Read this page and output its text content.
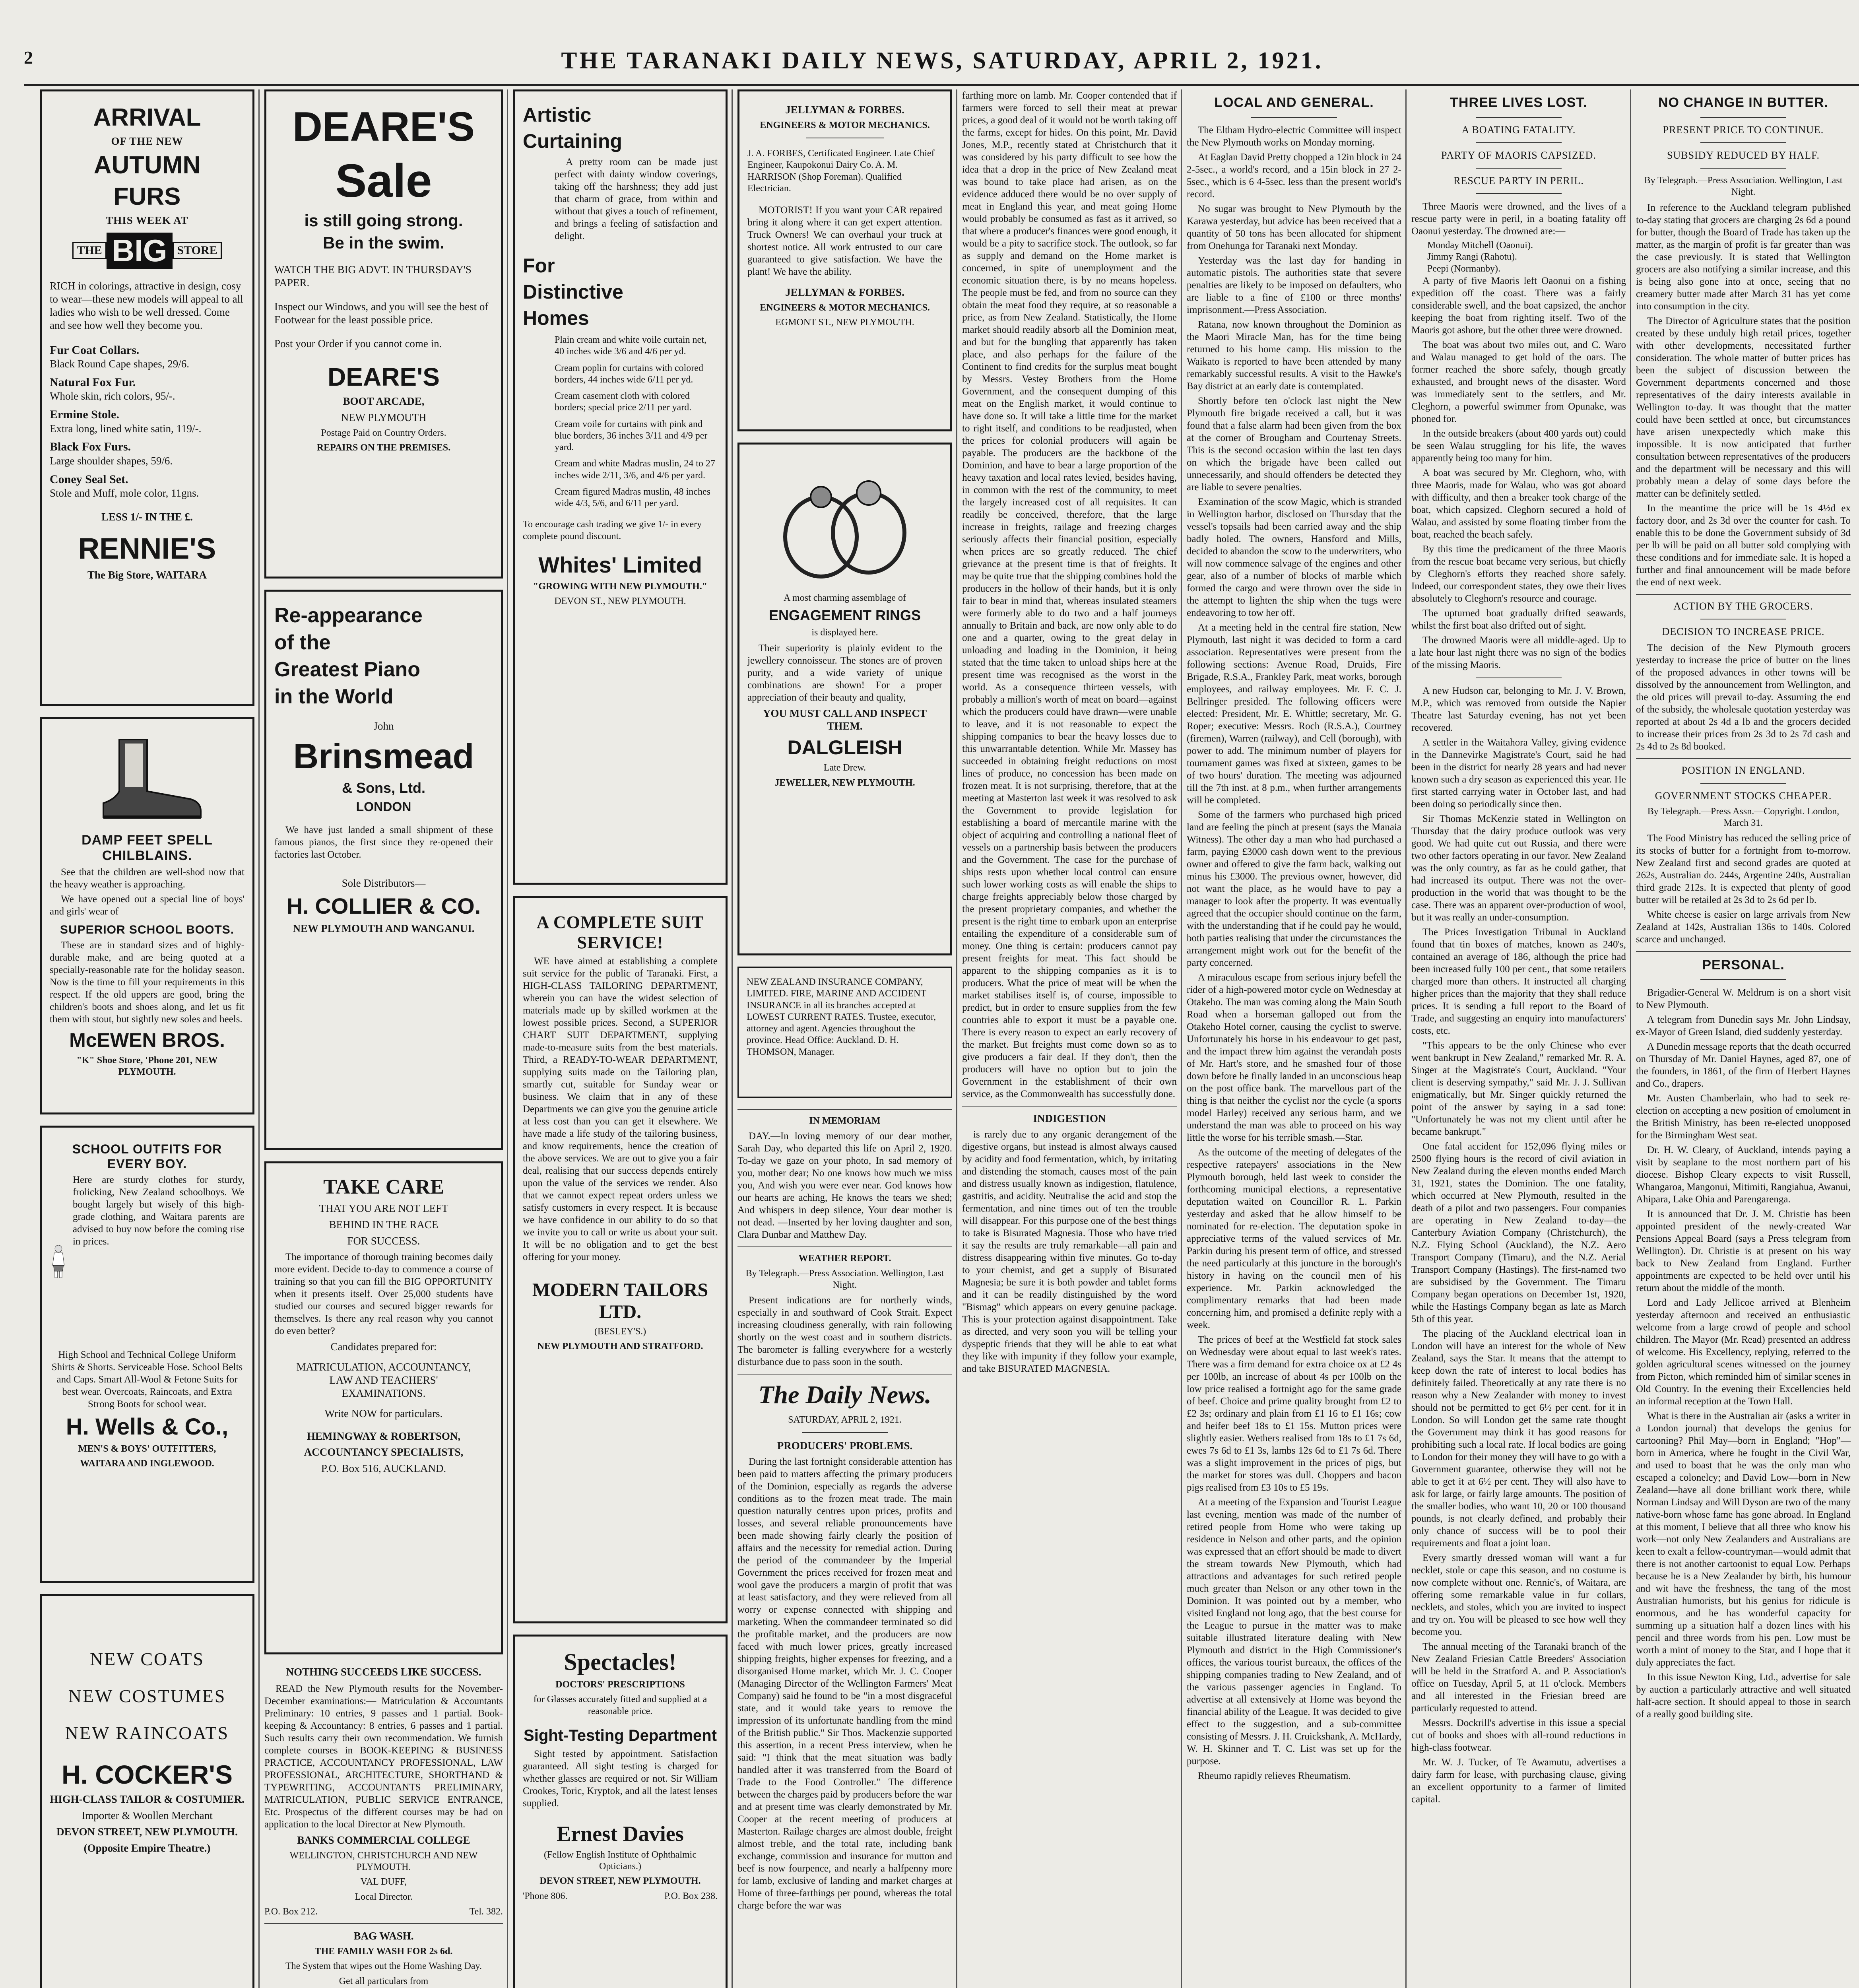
2	THE TARANAKI DAILY NEWS, SATURDAY, APRIL 2, 1921.
ARRIVAL
OF THE NEW
AUTUMN
FURS
THIS WEEK AT
THE BIG STORE

RICH in colorings, attractive in design, cosy to wear—these new models will appeal to all ladies who wish to be well dressed. Come and see how well they become you.

Fur Coat Collars.
Black Round Cape shapes, 29/6.
Natural Fox Fur.
Whole skin, rich colors, 95/-.
Ermine Stole.
Extra long, lined white satin, 119/-.
Black Fox Furs.
Large shoulder shapes, 59/6.
Coney Seal Set.
Stole and Muff, mole color, 11gns.
LESS 1/- IN THE £.
RENNIE'S
The Big Store, WAITARA
DAMP FEET SPELL CHILBLAINS.

See that the children are well-shod now that the heavy weather is approaching.

We have opened out a special line of boys' and girls' wear of

SUPERIOR SCHOOL BOOTS.

These are in standard sizes and of highly-durable make, and are being quoted at a specially-reasonable rate for the holiday season. Now is the time to fill your requirements in this respect. If the old uppers are good, bring the children's boots and shoes along, and let us fit them with stout, but sightly new soles and heels.

McEWEN BROS.
"K" Shoe Store, 'Phone 201, NEW PLYMOUTH.
SCHOOL OUTFITS FOR EVERY BOY.

Here are sturdy clothes for sturdy, frolicking, New Zealand schoolboys. We bought largely but wisely of this high-grade clothing, and Waitara parents are advised to buy now before the coming rise in prices.

High School and Technical College Uniform Shirts & Shorts. Serviceable Hose. School Belts and Caps. Smart All-Wool & Fetone Suits for best wear. Overcoats, Raincoats, and Extra Strong Boots for school wear.

H. Wells & Co.,
MEN'S & BOYS' OUTFITTERS,
WAITARA AND INGLEWOOD.
NEW COATS
NEW COSTUMES
NEW RAINCOATS
H. COCKER'S
HIGH-CLASS TAILOR & COSTUMIER.
Importer & Woollen Merchant
DEVON STREET, NEW PLYMOUTH.
(Opposite Empire Theatre.)
DEARE'S
Sale
is still going strong.
Be in the swim.

WATCH THE BIG ADVT. IN THURSDAY'S PAPER.

Inspect our Windows, and you will see the best of Footwear for the least possible price.

Post your Order if you cannot come in.

DEARE'S
BOOT ARCADE,
NEW PLYMOUTH
Postage Paid on Country Orders.
REPAIRS ON THE PREMISES.
Re-appearance
of the
Greatest Piano
in the World
John
Brinsmead
& Sons, Ltd.
LONDON

We have just landed a small shipment of these famous pianos, the first since they re-opened their factories last October.

Sole Distributors—
H. COLLIER & CO.
NEW PLYMOUTH AND WANGANUI.
TAKE CARE
THAT YOU ARE NOT LEFT
BEHIND IN THE RACE
FOR SUCCESS.

The importance of thorough training becomes daily more evident. Decide to-day to commence a course of training so that you can fill the BIG OPPORTUNITY when it presents itself. Over 25,000 students have studied our courses and secured bigger rewards for themselves. Is there any real reason why you cannot do even better?

Candidates prepared for:
MATRICULATION, ACCOUNTANCY, LAW AND TEACHERS' EXAMINATIONS.
Write NOW for particulars.
HEMINGWAY & ROBERTSON,
ACCOUNTANCY SPECIALISTS,
P.O. Box 516, AUCKLAND.
NOTHING SUCCEEDS LIKE SUCCESS.

READ the New Plymouth results for the November-December examinations:— Matriculation & Accountants Preliminary: 10 entries, 9 passes and 1 partial. Book-keeping & Accountancy: 8 entries, 6 passes and 1 partial. Such results carry their own recommendation. We furnish complete courses in BOOK-KEEPING & BUSINESS PRACTICE, ACCOUNTANCY PROFESSIONAL, LAW PROFESSIONAL, ARCHITECTURE, SHORTHAND & TYPEWRITING, ACCOUNTANTS PRELIMINARY, MATRICULATION, PUBLIC SERVICE ENTRANCE, Etc. Prospectus of the different courses may be had on application to the local Director at New Plymouth.

BANKS COMMERCIAL COLLEGE
WELLINGTON, CHRISTCHURCH AND NEW PLYMOUTH.
VAL DUFF,
Local Director.
P.O. Box 212.	Tel. 382.
BAG WASH.
THE FAMILY WASH FOR 2s 6d.
The System that wipes out the Home Washing Day.
Get all particulars from
Artistic
Curtaining

A pretty room can be made just perfect with dainty window coverings, taking off the harshness; they add just that charm of grace, from within and without that gives a touch of refinement, and brings a feeling of satisfaction and delight.

For
Distinctive
Homes

Plain cream and white voile curtain net, 40 inches wide 3/6 and 4/6 per yd.

Cream poplin for curtains with colored borders, 44 inches wide 6/11 per yd.

Cream casement cloth with colored borders; special price 2/11 per yard.

Cream voile for curtains with pink and blue borders, 36 inches 3/11 and 4/9 per yard.

Cream and white Madras muslin, 24 to 27 inches wide 2/11, 3/6, and 4/6 per yard.

Cream figured Madras muslin, 48 inches wide 4/3, 5/6, and 6/11 per yard.

To encourage cash trading we give 1/- in every complete pound discount.

Whites' Limited
"GROWING WITH NEW PLYMOUTH."
DEVON ST., NEW PLYMOUTH.
A COMPLETE SUIT SERVICE!

WE have aimed at establishing a complete suit service for the public of Taranaki. First, a HIGH-CLASS TAILORING DEPARTMENT, wherein you can have the widest selection of materials made up by skilled workmen at the lowest possible prices. Second, a SUPERIOR CHART SUIT DEPARTMENT, supplying made-to-measure suits from the best materials. Third, a READY-TO-WEAR DEPARTMENT, supplying suits made on the Tailoring plan, smartly cut, suitable for Sunday wear or business. We claim that in any of these Departments we can give you the genuine article at less cost than you can get it elsewhere. We have made a life study of the tailoring business, and know requirements, hence the creation of the above services. We are out to give you a fair deal, realising that our success depends entirely upon the value of the services we render. Also that we cannot expect repeat orders unless we satisfy customers in every respect. It is because we have confidence in our ability to do so that we invite you to call or write us about your suit. It will be no obligation and to get the best offering for your money.

MODERN TAILORS LTD.
(BESLEY'S.)
NEW PLYMOUTH AND STRATFORD.
Spectacles!
DOCTORS' PRESCRIPTIONS
for Glasses accurately fitted and supplied at a reasonable price.
Sight-Testing Department

Sight tested by appointment. Satisfaction guaranteed. All sight testing is charged for whether glasses are required or not. Sir William Crookes, Toric, Kryptok, and all the latest lenses supplied.

Ernest Davies
(Fellow English Institute of Ophthalmic Opticians.)
DEVON STREET, NEW PLYMOUTH.
'Phone 806.	P.O. Box 238.

JELLYMAN & FORBES.
ENGINEERS & MOTOR MECHANICS.

J. A. FORBES, Certificated Engineer. Late Chief Engineer, Kaupokonui Dairy Co. A. M. HARRISON (Shop Foreman). Qualified Electrician.

MOTORIST! If you want your CAR repaired bring it along where it can get expert attention. Truck Owners! We can overhaul your truck at shortest notice. All work entrusted to our care guaranteed to give satisfaction. We have the plant! We have the ability.

JELLYMAN & FORBES.
ENGINEERS & MOTOR MECHANICS.
EGMONT ST., NEW PLYMOUTH.
A most charming assemblage of
ENGAGEMENT RINGS
is displayed here.

Their superiority is plainly evident to the jewellery connoisseur. The stones are of proven purity, and a wide variety of unique combinations are shown! For a proper appreciation of their beauty and quality,

YOU MUST CALL AND INSPECT THEM.
DALGLEISH
Late Drew.
JEWELLER, NEW PLYMOUTH.

NEW ZEALAND INSURANCE COMPANY, LIMITED. FIRE, MARINE AND ACCIDENT INSURANCE in all its branches accepted at LOWEST CURRENT RATES. Trustee, executor, attorney and agent. Agencies throughout the province. Head Office: Auckland. D. H. THOMSON, Manager.

IN MEMORIAM

DAY.—In loving memory of our dear mother, Sarah Day, who departed this life on April 2, 1920. To-day we gaze on your photo, In sad memory of you, mother dear; No one knows how much we miss you, And wish you were ever near. God knows how our hearts are aching, He knows the tears we shed; And whispers in deep silence, Your dear mother is not dead. —Inserted by her loving daughter and son, Clara Dunbar and Matthew Day.

WEATHER REPORT.
By Telegraph.—Press Association. Wellington, Last Night.

Present indications are for northerly winds, especially in and southward of Cook Strait. Expect increasing cloudiness generally, with rain following shortly on the west coast and in southern districts. The barometer is falling everywhere for a westerly disturbance due to pass soon in the south.

The Daily News.
SATURDAY, APRIL 2, 1921.
PRODUCERS' PROBLEMS.

During the last fortnight considerable attention has been paid to matters affecting the primary producers of the Dominion, especially as regards the adverse conditions as to the frozen meat trade. The main question naturally centres upon prices, profits and losses, and several reliable pronouncements have been made showing fairly clearly the position of affairs and the necessity for remedial action. During the period of the commandeer by the Imperial Government the prices received for frozen meat and wool gave the producers a margin of profit that was at least satisfactory, and they were relieved from all worry or expense connected with shipping and marketing. When the commandeer terminated so did the profitable market, and the producers are now faced with much lower prices, greatly increased shipping freights, higher expenses for freezing, and a disorganised Home market, which Mr. J. C. Cooper (Managing Director of the Wellington Farmers' Meat Company) said he found to be "in a most disgraceful state, and it would take years to remove the impression of its unfortunate handling from the mind of the British public." Sir Thos. Mackenzie supported this assertion, in a recent Press interview, when he said: "I think that the meat situation was badly handled after it was transferred from the Board of Trade to the Food Controller." The difference between the charges paid by producers before the war and at present time was clearly demonstrated by Mr. Cooper at the recent meeting of producers at Masterton. Railage charges are almost double, freight almost treble, and the total rate, including bank exchange, commission and insurance for mutton and beef is now fourpence, and nearly a halfpenny more for lamb, exclusive of landing and market charges at Home of three-farthings per pound, whereas the total charge before the war was

farthing more on lamb. Mr. Cooper contended that if farmers were forced to sell their meat at prewar prices, a good deal of it would not be worth taking off the farms, except for hides. On this point, Mr. David Jones, M.P., recently stated at Christchurch that it was considered by his party difficult to see how the idea that a drop in the price of New Zealand meat was bound to take place had arisen, as on the evidence adduced there would be no over supply of meat in England this year, and meat going Home would probably be consumed as fast as it arrived, so that where a producer's finances were good enough, it would be a pity to sacrifice stock. The outlook, so far as supply and demand on the Home market is concerned, in spite of unemployment and the economic situation there, is by no means hopeless. The people must be fed, and from no source can they obtain the meat food they require, at so reasonable a price, as from New Zealand. Statistically, the Home market should readily absorb all the Dominion meat, and but for the bungling that apparently has taken place, and also perhaps for the failure of the Continent to find credits for the surplus meat bought by Messrs. Vestey Brothers from the Home Government, and the consequent dumping of this meat on the English market, it would continue to have done so. It will take a little time for the market to right itself, and conditions to be readjusted, when the prices for colonial producers will again be payable. The producers are the backbone of the Dominion, and have to bear a large proportion of the heavy taxation and local rates levied, besides having, in common with the rest of the community, to meet the largely increased cost of all requisites. It can readily be conceived, therefore, that the large increase in freights, railage and freezing charges seriously affects their financial position, especially when prices are so greatly reduced. The chief grievance at the present time is that of freights. It may be quite true that the shipping combines hold the producers in the hollow of their hands, but it is only fair to bear in mind that, whereas insulated steamers were formerly able to do two and a half journeys annually to Britain and back, are now only able to do one and a quarter, owing to the great delay in unloading and loading in the Dominion, it being stated that the time taken to unload ships here at the present time was recognised as the worst in the world. As a consequence thirteen vessels, with probably a million's worth of meat on board—against which the producers could have drawn—were unable to leave, and it is not reasonable to expect the shipping companies to bear the heavy losses due to this unwarrantable detention. While Mr. Massey has succeeded in obtaining freight reductions on most lines of produce, no concession has been made on frozen meat. It is not surprising, therefore, that at the meeting at Masterton last week it was resolved to ask the Government to provide legislation for establishing a board of mercantile marine with the object of acquiring and controlling a national fleet of vessels on a partnership basis between the producers and the Government. The case for the purchase of ships rests upon whether local control can ensure such lower working costs as will enable the ships to charge freights appreciably below those charged by the present proprietary companies, and whether the present is the right time to embark upon an enterprise entailing the expenditure of a considerable sum of money. One thing is certain: producers cannot pay present freights for meat. This fact should be apparent to the shipping companies as it is to producers. What the price of meat will be when the market stabilises itself is, of course, impossible to predict, but in order to ensure supplies from the few countries able to export it must be a payable one. There is every reason to expect an early recovery of the market. But freights must come down so as to give producers a fair deal. If they don't, then the producers will have no option but to join the Government in the establishment of their own service, as the Commonwealth has successfully done.

INDIGESTION

is rarely due to any organic derangement of the digestive organs, but instead is almost always caused by acidity and food fermentation, which, by irritating and distending the stomach, causes most of the pain and distress usually known as indigestion, flatulence, gastritis, and acidity. Neutralise the acid and stop the fermentation, and nine times out of ten the trouble will disappear. For this purpose one of the best things to take is Bisurated Magnesia. Those who have tried it say the results are truly remarkable—all pain and distress disappearing within five minutes. Go to-day to your chemist, and get a supply of Bisurated Magnesia; be sure it is both powder and tablet forms and it can be readily distinguished by the word "Bismag" which appears on every genuine package. This is your protection against disappointment. Take as directed, and very soon you will be telling your dyspeptic friends that they will be able to eat what they like with impunity if they follow your example, and take BISURATED MAGNESIA.

LOCAL AND GENERAL.

The Eltham Hydro-electric Committee will inspect the New Plymouth works on Monday morning.

At Eaglan David Pretty chopped a 12in block in 24 2-5sec., a world's record, and a 15in block in 27 2-5sec., which is 6 4-5sec. less than the present world's record.

No sugar was brought to New Plymouth by the Karawa yesterday, but advice has been received that a quantity of 50 tons has been allocated for shipment from Onehunga for Taranaki next Monday.

Yesterday was the last day for handing in automatic pistols. The authorities state that severe penalties are likely to be imposed on defaulters, who are liable to a fine of £100 or three months' imprisonment.—Press Association.

Ratana, now known throughout the Dominion as the Maori Miracle Man, has for the time being returned to his home camp. His mission to the Waikato is reported to have been attended by many remarkably successful results. A visit to the Hawke's Bay district at an early date is contemplated.

Shortly before ten o'clock last night the New Plymouth fire brigade received a call, but it was found that a false alarm had been given from the box at the corner of Brougham and Courtenay Streets. This is the second occasion within the last ten days on which the brigade have been called out unnecessarily, and should offenders be detected they are liable to severe penalties.

Examination of the scow Magic, which is stranded in Wellington harbor, disclosed on Thursday that the vessel's topsails had been carried away and the ship badly holed. The owners, Hansford and Mills, decided to abandon the scow to the underwriters, who will now commence salvage of the engines and other gear, also of a number of blocks of marble which formed the cargo and were thrown over the side in the attempt to lighten the ship when the tugs were endeavoring to tow her off.

At a meeting held in the central fire station, New Plymouth, last night it was decided to form a card association. Representatives were present from the following sections: Avenue Road, Druids, Fire Brigade, R.S.A., Frankley Park, meat works, borough employees, and railway employees. Mr. F. C. J. Bellringer presided. The following officers were elected: President, Mr. E. Whittle; secretary, Mr. G. Roper; executive: Messrs. Roch (R.S.A.), Courtney (firemen), Warren (railway), and Cell (borough), with power to add. The minimum number of players for tournament games was fixed at sixteen, games to be of two hours' duration. The meeting was adjourned till the 7th inst. at 8 p.m., when further arrangements will be completed.

Some of the farmers who purchased high priced land are feeling the pinch at present (says the Manaia Witness). The other day a man who had purchased a farm, paying £3000 cash down went to the previous owner and offered to give the farm back, walking out minus his £3000. The previous owner, however, did not want the place, as he would have to pay a manager to look after the property. It was eventually agreed that the occupier should continue on the farm, with the understanding that if he could pay he would, both parties realising that under the circumstances the arrangement might work out for the benefit of the party concerned.

A miraculous escape from serious injury befell the rider of a high-powered motor cycle on Wednesday at Otakeho. The man was coming along the Main South Road when a horseman galloped out from the Otakeho Hotel corner, causing the cyclist to swerve. Unfortunately his horse in his endeavour to get past, and the impact threw him against the verandah posts of Mr. Hart's store, and he smashed four of those down before he finally landed in an unconscious heap on the post office bank. The marvellous part of the thing is that neither the cyclist nor the cycle (a sports model Harley) received any serious harm, and we understand the man was able to proceed on his way little the worse for his terrible smash.—Star.

As the outcome of the meeting of delegates of the respective ratepayers' associations in the New Plymouth borough, held last week to consider the forthcoming municipal elections, a representative deputation waited on Councillor R. L. Parkin yesterday and asked that he allow himself to be nominated for re-election. The deputation spoke in appreciative terms of the valued services of Mr. Parkin during his present term of office, and stressed the need particularly at this juncture in the borough's history in having on the council men of his experience. Mr. Parkin acknowledged the complimentary remarks that had been made concerning him, and promised a definite reply with a week.

The prices of beef at the Westfield fat stock sales on Wednesday were about equal to last week's rates. There was a firm demand for extra choice ox at £2 4s per 100lb, an increase of about 4s per 100lb on the low price realised a fortnight ago for the same grade of beef. Choice and prime quality brought from £2 to £2 3s; ordinary and plain from £1 16 to £1 16s; cow and heifer beef 18s to £1 15s. Mutton prices were slightly easier. Wethers realised from 18s to £1 7s 6d, ewes 7s 6d to £1 3s, lambs 12s 6d to £1 7s 6d. There was a slight improvement in the prices of pigs, but the market for stores was dull. Choppers and bacon pigs realised from £3 10s to £5 19s.

At a meeting of the Expansion and Tourist League last evening, mention was made of the number of retired people from Home who were taking up residence in Nelson and other parts, and the opinion was expressed that an effort should be made to divert the stream towards New Plymouth, which had attractions and advantages for such retired people much greater than Nelson or any other town in the Dominion. It was pointed out by a member, who visited England not long ago, that the best course for the League to pursue in the matter was to make suitable illustrated literature dealing with New Plymouth and district in the High Commissioner's offices, the various tourist bureaux, the offices of the shipping companies trading to New Zealand, and of the various passenger agencies in England. To advertise at all extensively at Home was beyond the financial ability of the League. It was decided to give effect to the suggestion, and a sub-committee consisting of Messrs. J. H. Cruickshank, A. McHardy, W. H. Skinner and T. C. List was set up for the purpose.

Rheumo rapidly relieves Rheumatism.

THREE LIVES LOST.
A BOATING FATALITY.
PARTY OF MAORIS CAPSIZED.
RESCUE PARTY IN PERIL.

Three Maoris were drowned, and the lives of a rescue party were in peril, in a boating fatality off Oaonui yesterday. The drowned are:—

Monday Mitchell (Oaonui).
Jimmy Rangi (Rahotu).
Peepi (Normanby).

A party of five Maoris left Oaonui on a fishing expedition off the coast. There was a fairly considerable swell, and the boat capsized, the anchor keeping the boat from righting itself. Two of the Maoris got ashore, but the other three were drowned.

The boat was about two miles out, and C. Waro and Walau managed to get hold of the oars. The former reached the shore safely, though greatly exhausted, and brought news of the disaster. Word was immediately sent to the settlers, and Mr. Cleghorn, a powerful swimmer from Opunake, was phoned for.

In the outside breakers (about 400 yards out) could be seen Walau struggling for his life, the waves apparently being too many for him.

A boat was secured by Mr. Cleghorn, who, with three Maoris, made for Walau, who was got aboard with difficulty, and then a breaker took charge of the boat, which capsized. Cleghorn secured a hold of Walau, and assisted by some floating timber from the boat, reached the beach safely.

By this time the predicament of the three Maoris from the rescue boat became very serious, but chiefly by Cleghorn's efforts they reached shore safely. Indeed, our correspondent states, they owe their lives absolutely to Cleghorn's resource and courage.

The upturned boat gradually drifted seawards, whilst the first boat also drifted out of sight.

The drowned Maoris were all middle-aged. Up to a late hour last night there was no sign of the bodies of the missing Maoris.

A new Hudson car, belonging to Mr. J. V. Brown, M.P., which was removed from outside the Napier Theatre last Saturday evening, has not yet been recovered.

A settler in the Waitahora Valley, giving evidence in the Dannevirke Magistrate's Court, said he had been in the district for nearly 28 years and had never known such a dry season as experienced this year. He first started carrying water in October last, and had been doing so periodically since then.

Sir Thomas McKenzie stated in Wellington on Thursday that the dairy produce outlook was very good. We had quite cut out Russia, and there were two other factors operating in our favor. New Zealand was the only country, as far as he could gather, that had increased its output. There was not the over-production in the world that was thought to be the case. There was an apparent over-production of wool, but it was really an under-consumption.

The Prices Investigation Tribunal in Auckland found that tin boxes of matches, known as 240's, contained an average of 186, although the price had been increased fully 100 per cent., that some retailers charged more than others. It instructed all charging higher prices than the majority that they shall reduce prices. It is sending a full report to the Board of Trade, and suggesting an enquiry into manufacturers' costs, etc.

"This appears to be the only Chinese who ever went bankrupt in New Zealand," remarked Mr. R. A. Singer at the Magistrate's Court, Auckland. "Your client is deserving sympathy," said Mr. J. J. Sullivan enigmatically, but Mr. Singer quickly returned the point of the answer by saying in a sad tone: "Unfortunately he was not my client until after he became bankrupt."

One fatal accident for 152,096 flying miles or 2500 flying hours is the record of civil aviation in New Zealand during the eleven months ended March 31, 1921, states the Dominion. The one fatality, which occurred at New Plymouth, resulted in the death of a pilot and two passengers. Four companies are operating in New Zealand to-day—the Canterbury Aviation Company (Christchurch), the N.Z. Flying School (Auckland), the N.Z. Aero Transport Company (Timaru), and the N.Z. Aerial Transport Company (Hastings). The first-named two are subsidised by the Government. The Timaru Company began operations on December 1st, 1920, while the Hastings Company began as late as March 5th of this year.

The placing of the Auckland electrical loan in London will have an interest for the whole of New Zealand, says the Star. It means that the attempt to keep down the rate of interest to local bodies has definitely failed. Theoretically at any rate there is no reason why a New Zealander with money to invest should not be permitted to get 6½ per cent. for it in London. So will London get the same rate thought the Government may think it has good reasons for prohibiting such a local rate. If local bodies are going to London for their money they will have to go with a Government guarantee, otherwise they will not be able to get it at 6½ per cent. They will also have to ask for large, or fairly large amounts. The position of the smaller bodies, who want 10, 20 or 100 thousand pounds, is not clearly defined, and probably their only chance of success will be to pool their requirements and float a joint loan.

Every smartly dressed woman will want a fur necklet, stole or cape this season, and no costume is now complete without one. Rennie's, of Waitara, are offering some remarkable value in fur collars, necklets, and stoles, which you are invited to inspect and try on. You will be pleased to see how well they become you.

The annual meeting of the Taranaki branch of the New Zealand Friesian Cattle Breeders' Association will be held in the Stratford A. and P. Association's office on Tuesday, April 5, at 11 o'clock. Members and all interested in the Friesian breed are particularly requested to attend.

Messrs. Dockrill's advertise in this issue a special cut of books and shoes with all-round reductions in high-class footwear.

Mr. W. J. Tucker, of Te Awamutu, advertises a dairy farm for lease, with purchasing clause, giving an excellent opportunity to a farmer of limited capital.

NO CHANGE IN BUTTER.
PRESENT PRICE TO CONTINUE.
SUBSIDY REDUCED BY HALF.
By Telegraph.—Press Association. Wellington, Last Night.

In reference to the Auckland telegram published to-day stating that grocers are charging 2s 6d a pound for butter, though the Board of Trade has taken up the matter, as the margin of profit is far greater than was the case previously. It is stated that Wellington grocers are also notifying a similar increase, and this is being also gone into at once, seeing that no creamery butter made after March 31 has yet come into consumption in the city.

The Director of Agriculture states that the position created by these unduly high retail prices, together with other developments, necessitated further consideration. The whole matter of butter prices has been the subject of discussion between the Government departments concerned and those representatives of the dairy interests available in Wellington to-day. It was thought that the matter could have been settled at once, but circumstances have arisen unexpectedly which make this impossible. It is now anticipated that further consultation between representatives of the producers and the department will be necessary and this will probably mean a delay of some days before the matter can be definitely settled.

In the meantime the price will be 1s 4½d ex factory door, and 2s 3d over the counter for cash. To enable this to be done the Government subsidy of 3d per lb will be paid on all butter sold complying with these conditions and for immediate sale. It is hoped a further and final announcement will be made before the end of next week.

ACTION BY THE GROCERS.
DECISION TO INCREASE PRICE.

The decision of the New Plymouth grocers yesterday to increase the price of butter on the lines of the proposed advances in other towns will be dissolved by the announcement from Wellington, and the old prices will prevail to-day. Assuming the end of the subsidy, the wholesale quotation yesterday was reported at about 2s 4d a lb and the grocers decided to increase their prices from 2s 3d to 2s 7d cash and 2s 4d to 2s 8d booked.

POSITION IN ENGLAND.
GOVERNMENT STOCKS CHEAPER.
By Telegraph.—Press Assn.—Copyright. London, March 31.

The Food Ministry has reduced the selling price of its stocks of butter for a fortnight from to-morrow. New Zealand first and second grades are quoted at 262s, Australian do. 244s, Argentine 240s, Australian third grade 212s. It is expected that plenty of good butter will be retailed at 2s 3d to 2s 6d per lb.

White cheese is easier on large arrivals from New Zealand at 142s, Australian 136s to 140s. Colored scarce and unchanged.

PERSONAL.

Brigadier-General W. Meldrum is on a short visit to New Plymouth.

A telegram from Dunedin says Mr. John Lindsay, ex-Mayor of Green Island, died suddenly yesterday.

A Dunedin message reports that the death occurred on Thursday of Mr. Daniel Haynes, aged 87, one of the founders, in 1861, of the firm of Herbert Haynes and Co., drapers.

Mr. Austen Chamberlain, who had to seek re-election on accepting a new position of emolument in the British Ministry, has been re-elected unopposed for the Birmingham West seat.

Dr. H. W. Cleary, of Auckland, intends paying a visit by seaplane to the most northern part of his diocese. Bishop Cleary expects to visit Russell, Whangaroa, Mangonui, Mitimiti, Rangiahua, Awanui, Ahipara, Lake Ohia and Parengarenga.

It is announced that Dr. J. M. Christie has been appointed president of the newly-created War Pensions Appeal Board (says a Press telegram from Wellington). Dr. Christie is at present on his way back to New Zealand from England. Further appointments are expected to be held over until his return about the middle of the month.

Lord and Lady Jellicoe arrived at Blenheim yesterday afternoon and received an enthusiastic welcome from a large crowd of people and school children. The Mayor (Mr. Read) presented an address of welcome. His Excellency, replying, referred to the golden agricultural scenes witnessed on the journey from Picton, which reminded him of similar scenes in Old Country. In the evening their Excellencies held an informal reception at the Town Hall.

What is there in the Australian air (asks a writer in a London journal) that develops the genius for cartooning? Phil May—born in England; "Hop"—born in America, where he fought in the Civil War, and used to boast that he was the only man who escaped a colonelcy; and David Low—born in New Zealand—have all done brilliant work there, while Norman Lindsay and Will Dyson are two of the many native-born whose fame has gone abroad. In England at this moment, I believe that all three who know his work—not only New Zealanders and Australians are keen to exalt a fellow-countryman—would admit that there is not another cartoonist to equal Low. Perhaps because he is a New Zealander by birth, his humour and wit have the freshness, the tang of the most Australian humorists, but his genius for ridicule is enormous, and he has wonderful capacity for summing up a situation half a dozen lines with his pencil and three words from his pen. Low must be worth a mint of money to the Star, and I hope that it duly appreciates the fact.

In this issue Newton King, Ltd., advertise for sale by auction a particularly attractive and well situated half-acre section. It should appeal to those in search of a really good building site.
